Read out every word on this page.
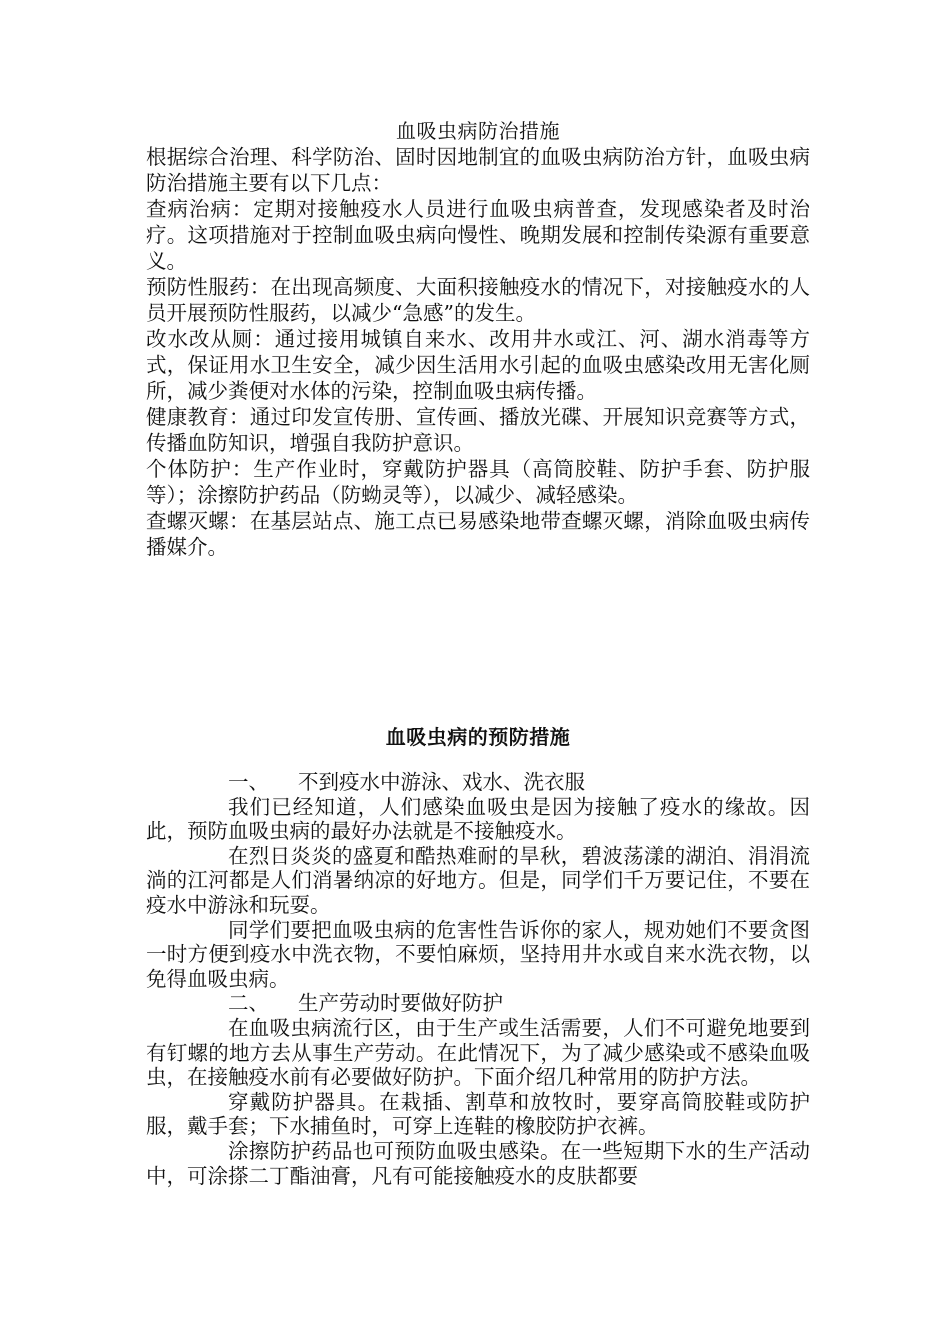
血吸虫病防治措施

根据综合治理、科学防治、固时因地制宜的血吸虫病防治方针，血吸虫病防治措施主要有以下几点：

查病治病：定期对接触疫水人员进行血吸虫病普查，发现感染者及时治疗。这项措施对于控制血吸虫病向慢性、晚期发展和控制传染源有重要意义。

预防性服药：在出现高频度、大面积接触疫水的情况下，对接触疫水的人员开展预防性服药，以减少“急感”的发生。

改水改从厕：通过接用城镇自来水、改用井水或江、河、湖水消毒等方式，保证用水卫生安全，减少因生活用水引起的血吸虫感染改用无害化厕所，减少粪便对水体的污染，控制血吸虫病传播。

健康教育：通过印发宣传册、宣传画、播放光碟、开展知识竞赛等方式，传播血防知识，增强自我防护意识。

个体防护：生产作业时，穿戴防护器具（高筒胶鞋、防护手套、防护服等）；涂擦防护药品（防蚴灵等），以减少、减轻感染。

查螺灭螺：在基层站点、施工点已易感染地带查螺灭螺，消除血吸虫病传播媒介。

血吸虫病的预防措施

一、 不到疫水中游泳、戏水、洗衣服

我们已经知道，人们感染血吸虫是因为接触了疫水的缘故。因此，预防血吸虫病的最好办法就是不接触疫水。

在烈日炎炎的盛夏和酷热难耐的旱秋，碧波荡漾的湖泊、涓涓流淌的江河都是人们消暑纳凉的好地方。但是，同学们千万要记住，不要在疫水中游泳和玩耍。

同学们要把血吸虫病的危害性告诉你的家人，规劝她们不要贪图一时方便到疫水中洗衣物，不要怕麻烦，坚持用井水或自来水洗衣物，以免得血吸虫病。

二、 生产劳动时要做好防护

在血吸虫病流行区，由于生产或生活需要，人们不可避免地要到有钉螺的地方去从事生产劳动。在此情况下，为了减少感染或不感染血吸虫，在接触疫水前有必要做好防护。下面介绍几种常用的防护方法。

穿戴防护器具。在栽插、割草和放牧时，要穿高筒胶鞋或防护服，戴手套；下水捕鱼时，可穿上连鞋的橡胶防护衣裤。

涂擦防护药品也可预防血吸虫感染。在一些短期下水的生产活动中，可涂搽二丁酯油膏，凡有可能接触疫水的皮肤都要
